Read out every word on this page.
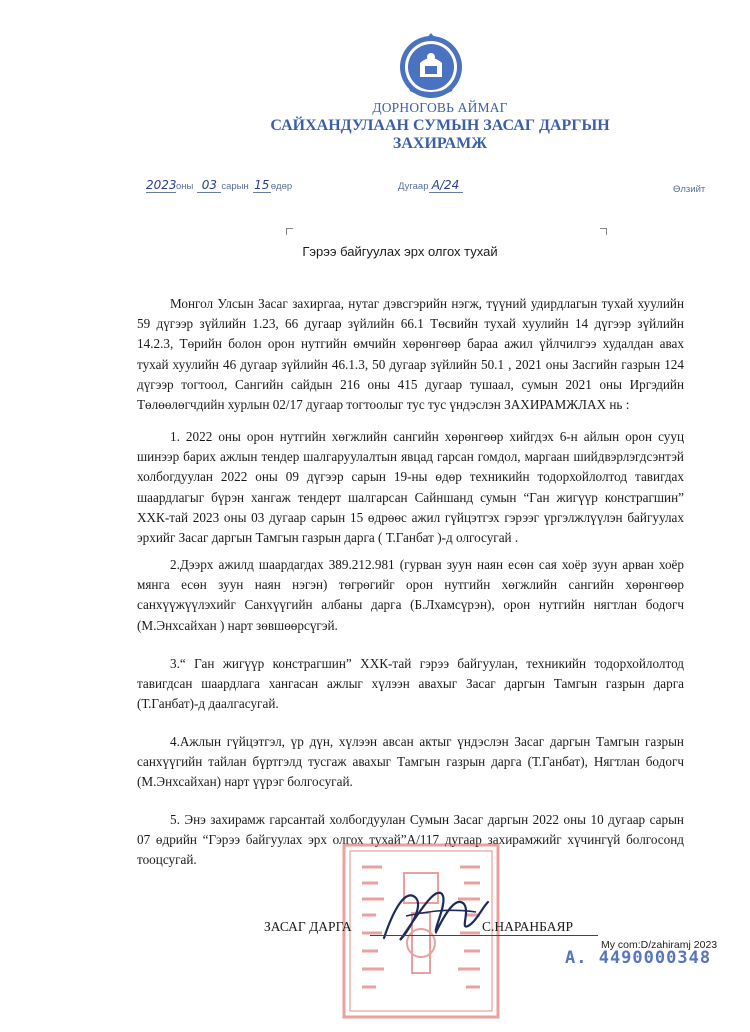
ДОРНОГОВЬ АЙМАГ
САЙХАНДУЛААН СУМЫН ЗАСАГ ДАРГЫН
ЗАХИРАМЖ
2023оны 03 сарын 15өдөр	Дугаар А/24	Өлзийт
Гэрээ байгуулах эрх олгох тухай

Монгол Улсын Засаг захиргаа, нутаг дэвсгэрийн нэгж, түүний удирдлагын тухай хуулийн 59 дүгээр зүйлийн 1.23, 66 дугаар зүйлийн 66.1 Төсвийн тухай хуулийн 14 дүгээр зүйлийн 14.2.3, Төрийн болон орон нутгийн өмчийн хөрөнгөөр бараа ажил үйлчилгээ худалдан авах тухай хуулийн 46 дугаар зүйлийн 46.1.3, 50 дугаар зүйлийн 50.1 , 2021 оны Засгийн газрын 124 дүгээр тогтоол, Сангийн сайдын 216 оны 415 дугаар тушаал, сумын 2021 оны Иргэдийн Төлөөлөгчдийн хурлын 02/17 дугаар тогтоолыг тус тус үндэслэн ЗАХИРАМЖЛАХ нь :

1. 2022 оны орон нутгийн хөгжлийн сангийн хөрөнгөөр хийгдэх 6-н айлын орон сууц шинээр барих ажлын тендер шалгаруулалтын явцад гарсан гомдол, маргаан шийдвэрлэгдсэнтэй холбогдуулан 2022 оны 09 дүгээр сарын 19-ны өдөр техникийн тодорхойлолтод тавигдах шаардлагыг бүрэн хангаж тендерт шалгарсан Сайншанд сумын “Ган жигүүр констрагшин” ХХК-тай 2023 оны 03 дугаар сарын 15 өдрөөс ажил гүйцэтгэх гэрээг үргэлжлүүлэн байгуулах эрхийг Засаг даргын Тамгын газрын дарга ( Т.Ганбат )-д олгосугай .

2.Дээрх ажилд шаардагдах 389.212.981 (гурван зуун наян есөн сая хоёр зуун арван хоёр мянга есөн зуун наян нэгэн) төгрөгийг орон нутгийн хөгжлийн сангийн хөрөнгөөр санхүүжүүлэхийг Санхүүгийн албаны дарга (Б.Лхамсүрэн), орон нутгийн нягтлан бодогч (М.Энхсайхан ) нарт зөвшөөрсүгэй.

3.“ Ган жигүүр констрагшин” ХХК-тай гэрээ байгуулан, техникийн тодорхойлолтод тавигдсан шаардлага хангасан ажлыг хүлээн авахыг Засаг даргын Тамгын газрын дарга (Т.Ганбат)-д даалгасугай.

4.Ажлын гүйцэтгэл, үр дүн, хүлээн авсан актыг үндэслэн Засаг даргын Тамгын газрын санхүүгийн тайлан бүртгэлд тусгаж авахыг Тамгын газрын дарга (Т.Ганбат), Нягтлан бодогч (М.Энхсайхан) нарт үүрэг болгосугай.

5. Энэ захирамж гарсантай холбогдуулан Сумын Засаг даргын 2022 оны 10 дугаар сарын 07 өдрийн “Гэрээ байгуулах эрх олгох тухай”А/117 дугаар захирамжийг хүчингүй болгосонд тооцсугай.

ЗАСАГ ДАРГА	С.НАРАНБАЯР
My com:D/zahiramj 2023
А. 4490000348
